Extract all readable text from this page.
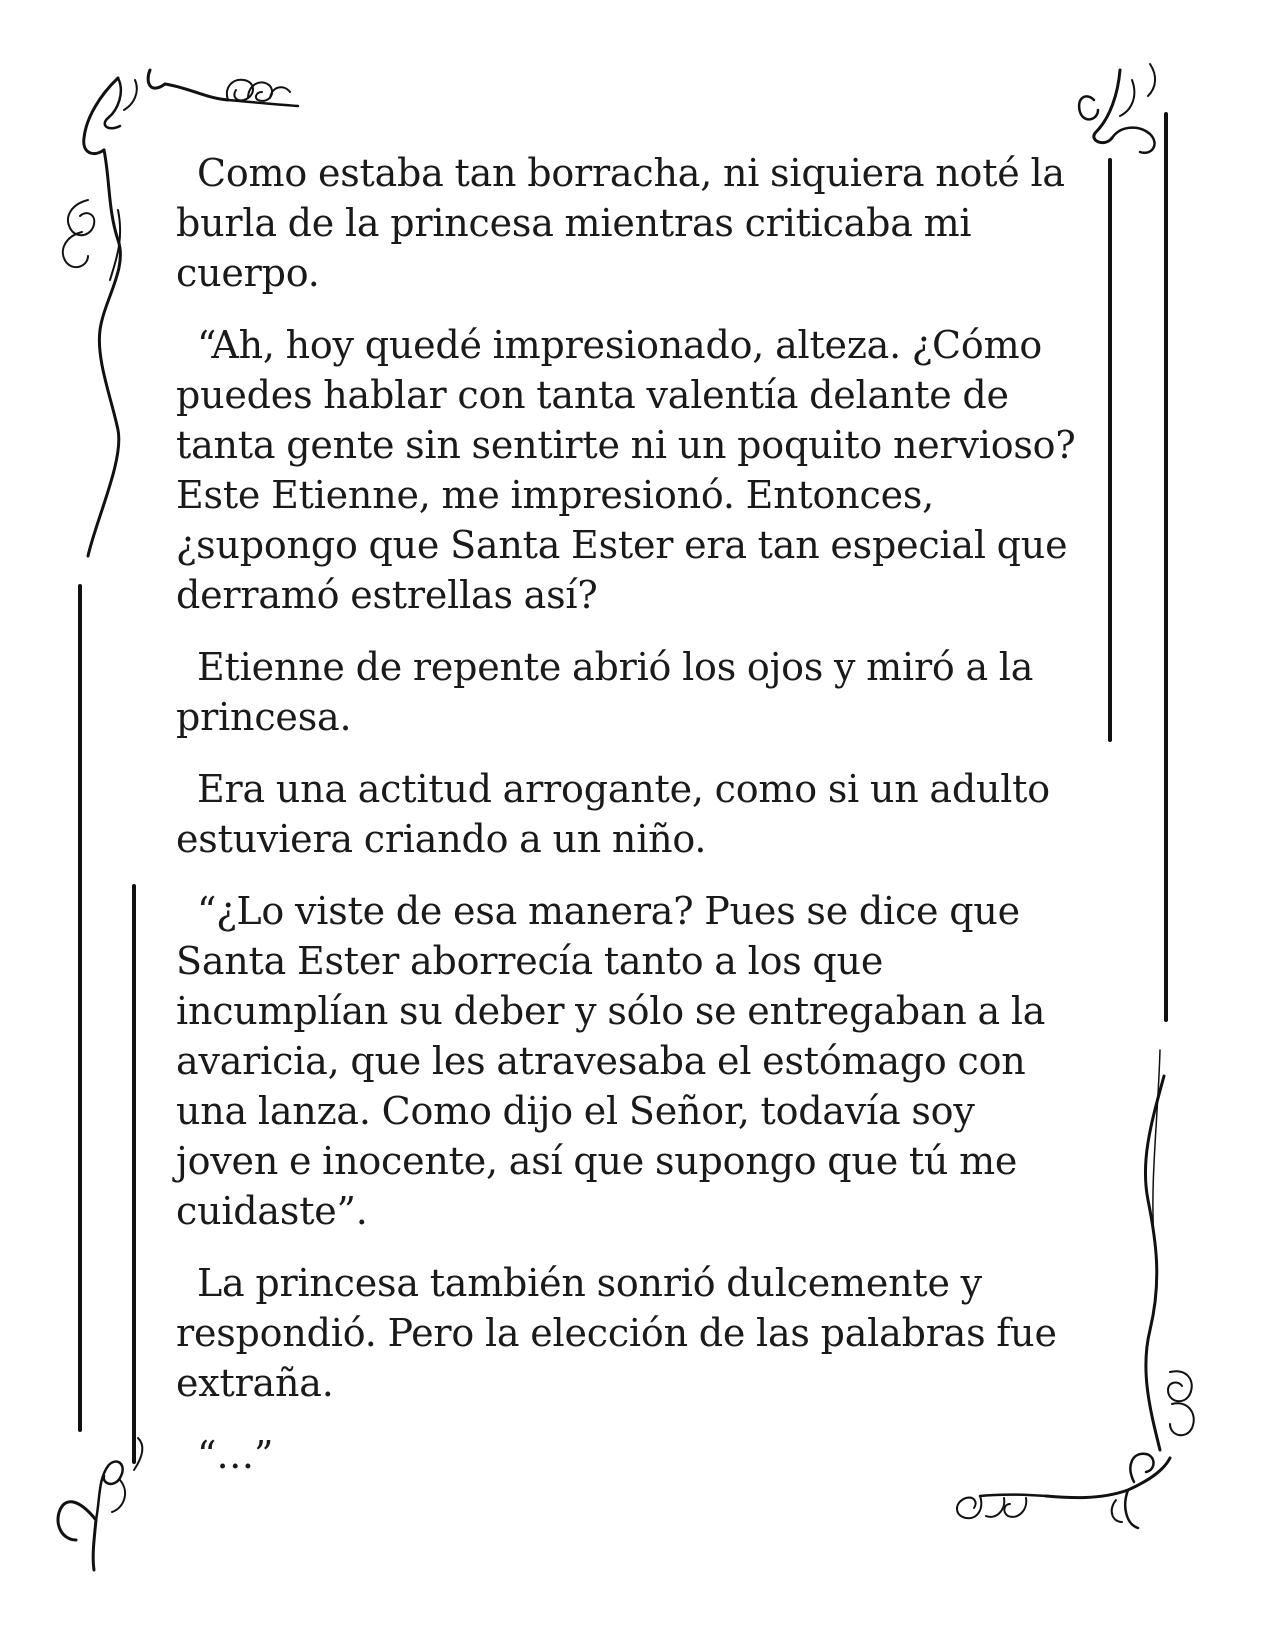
Como estaba tan borracha, ni siquiera noté la burla de la princesa mientras criticaba mi cuerpo.

“Ah, hoy quedé impresionado, alteza. ¿Cómo puedes hablar con tanta valentía delante de tanta gente sin sentirte ni un poquito nervioso? Este Etienne, me impresionó. Entonces, ¿supongo que Santa Ester era tan especial que derramó estrellas así?

Etienne de repente abrió los ojos y miró a la princesa.

Era una actitud arrogante, como si un adulto estuviera criando a un niño.

“¿Lo viste de esa manera? Pues se dice que Santa Ester aborrecía tanto a los que incumplían su deber y sólo se entregaban a la avaricia, que les atravesaba el estómago con una lanza. Como dijo el Señor, todavía soy joven e inocente, así que supongo que tú me cuidaste”.

La princesa también sonrió dulcemente y respondió. Pero la elección de las palabras fue extraña.

“…”
